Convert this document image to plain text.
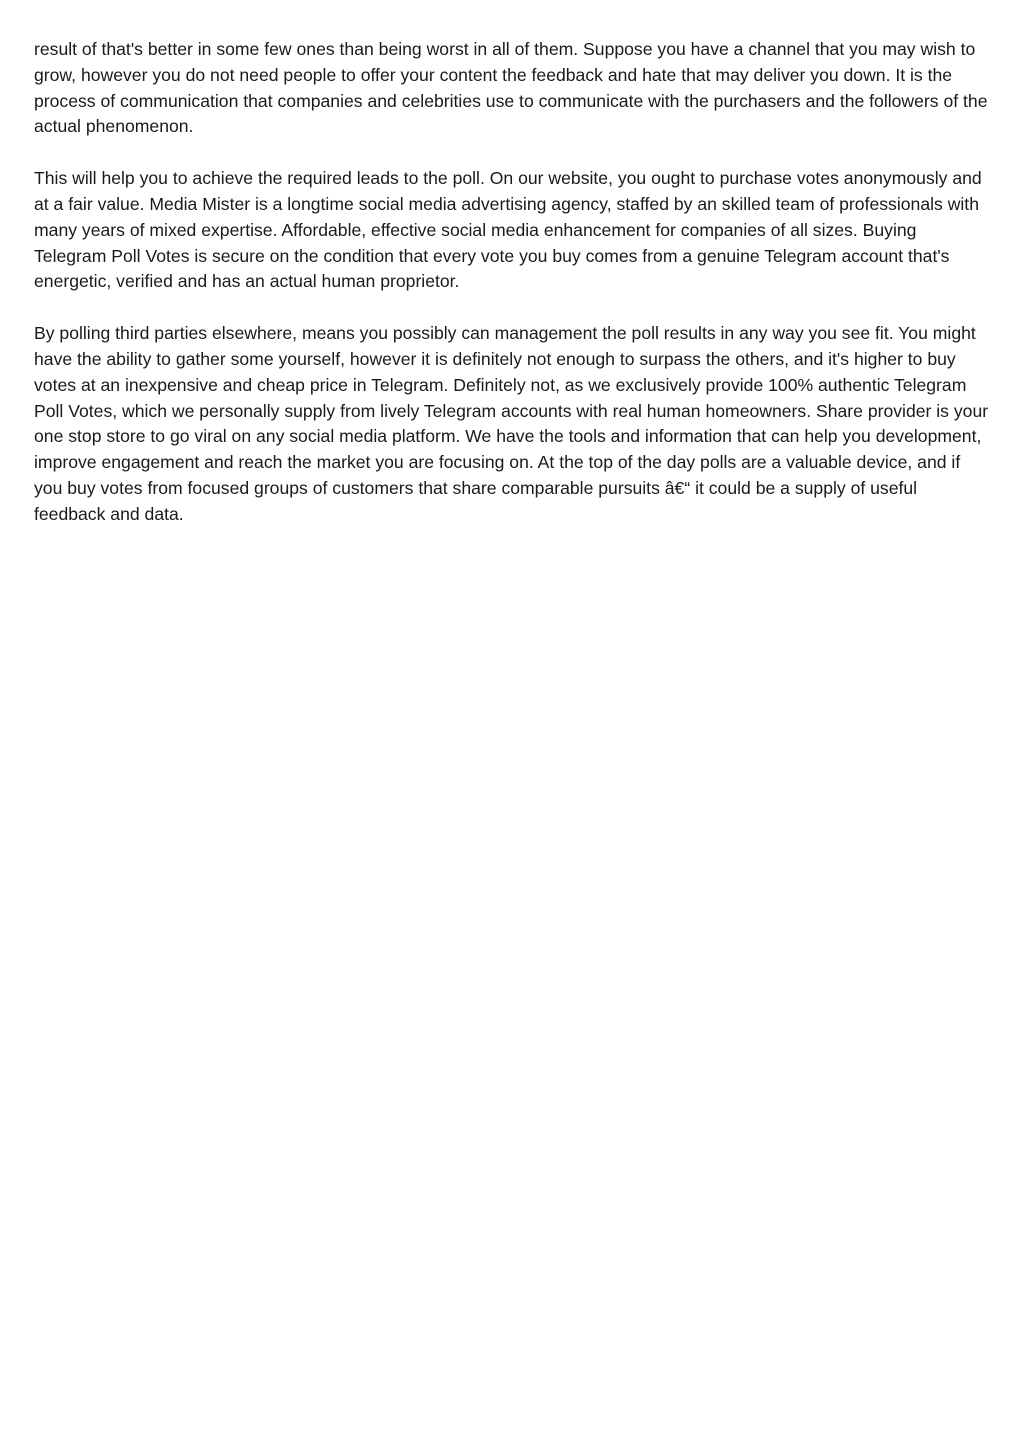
result of that's better in some few ones than being worst in all of them. Suppose you have a channel that you may wish to grow, however you do not need people to offer your content the feedback and hate that may deliver you down. It is the process of communication that companies and celebrities use to communicate with the purchasers and the followers of the actual phenomenon.

This will help you to achieve the required leads to the poll. On our website, you ought to purchase votes anonymously and at a fair value. Media Mister is a longtime social media advertising agency, staffed by an skilled team of professionals with many years of mixed expertise. Affordable, effective social media enhancement for companies of all sizes. Buying Telegram Poll Votes is secure on the condition that every vote you buy comes from a genuine Telegram account that's energetic, verified and has an actual human proprietor.

By polling third parties elsewhere, means you possibly can management the poll results in any way you see fit. You might have the ability to gather some yourself, however it is definitely not enough to surpass the others, and it's higher to buy votes at an inexpensive and cheap price in Telegram. Definitely not, as we exclusively provide 100% authentic Telegram Poll Votes, which we personally supply from lively Telegram accounts with real human homeowners. Share provider is your one stop store to go viral on any social media platform. We have the tools and information that can help you development, improve engagement and reach the market you are focusing on. At the top of the day polls are a valuable device, and if you buy votes from focused groups of customers that share comparable pursuits â€“ it could be a supply of useful feedback and data.
